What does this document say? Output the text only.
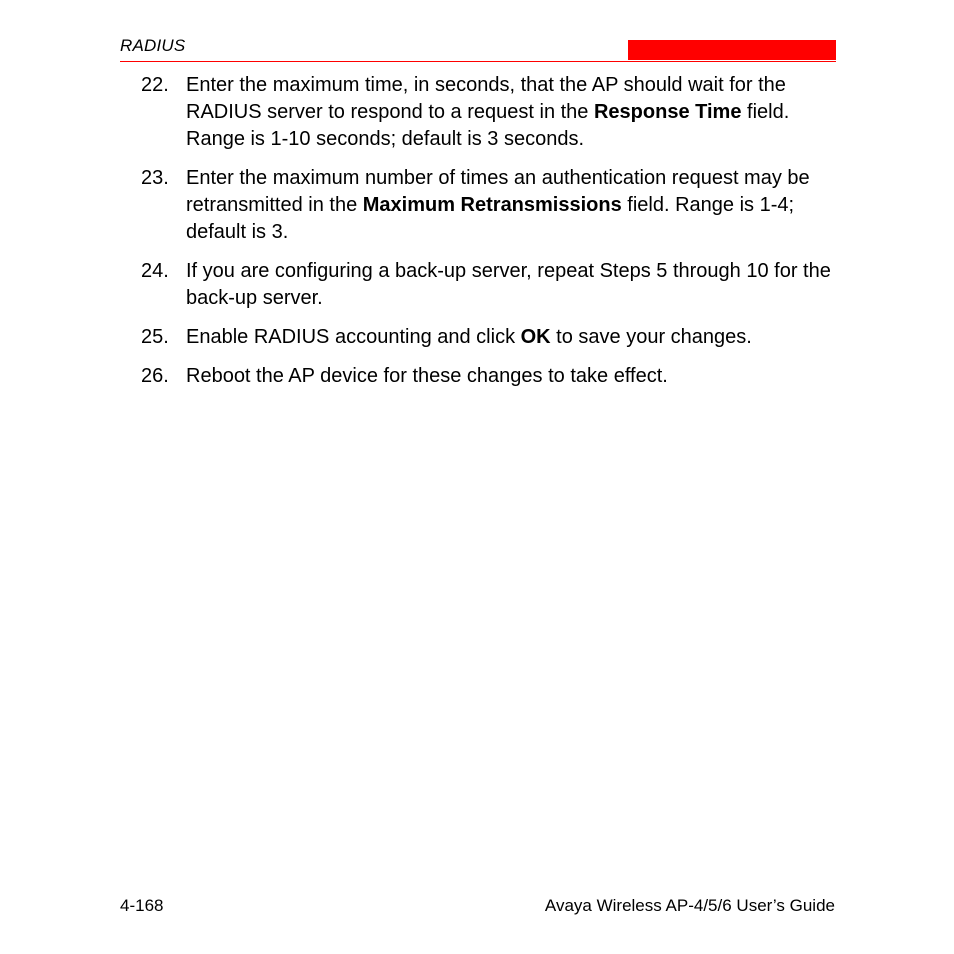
RADIUS
22. Enter the maximum time, in seconds, that the AP should wait for the RADIUS server to respond to a request in the Response Time field. Range is 1-10 seconds; default is 3 seconds.
23. Enter the maximum number of times an authentication request may be retransmitted in the Maximum Retransmissions field. Range is 1-4; default is 3.
24. If you are configuring a back-up server, repeat Steps 5 through 10 for the back-up server.
25. Enable RADIUS accounting and click OK to save your changes.
26. Reboot the AP device for these changes to take effect.
4-168	Avaya Wireless AP-4/5/6 User’s Guide
